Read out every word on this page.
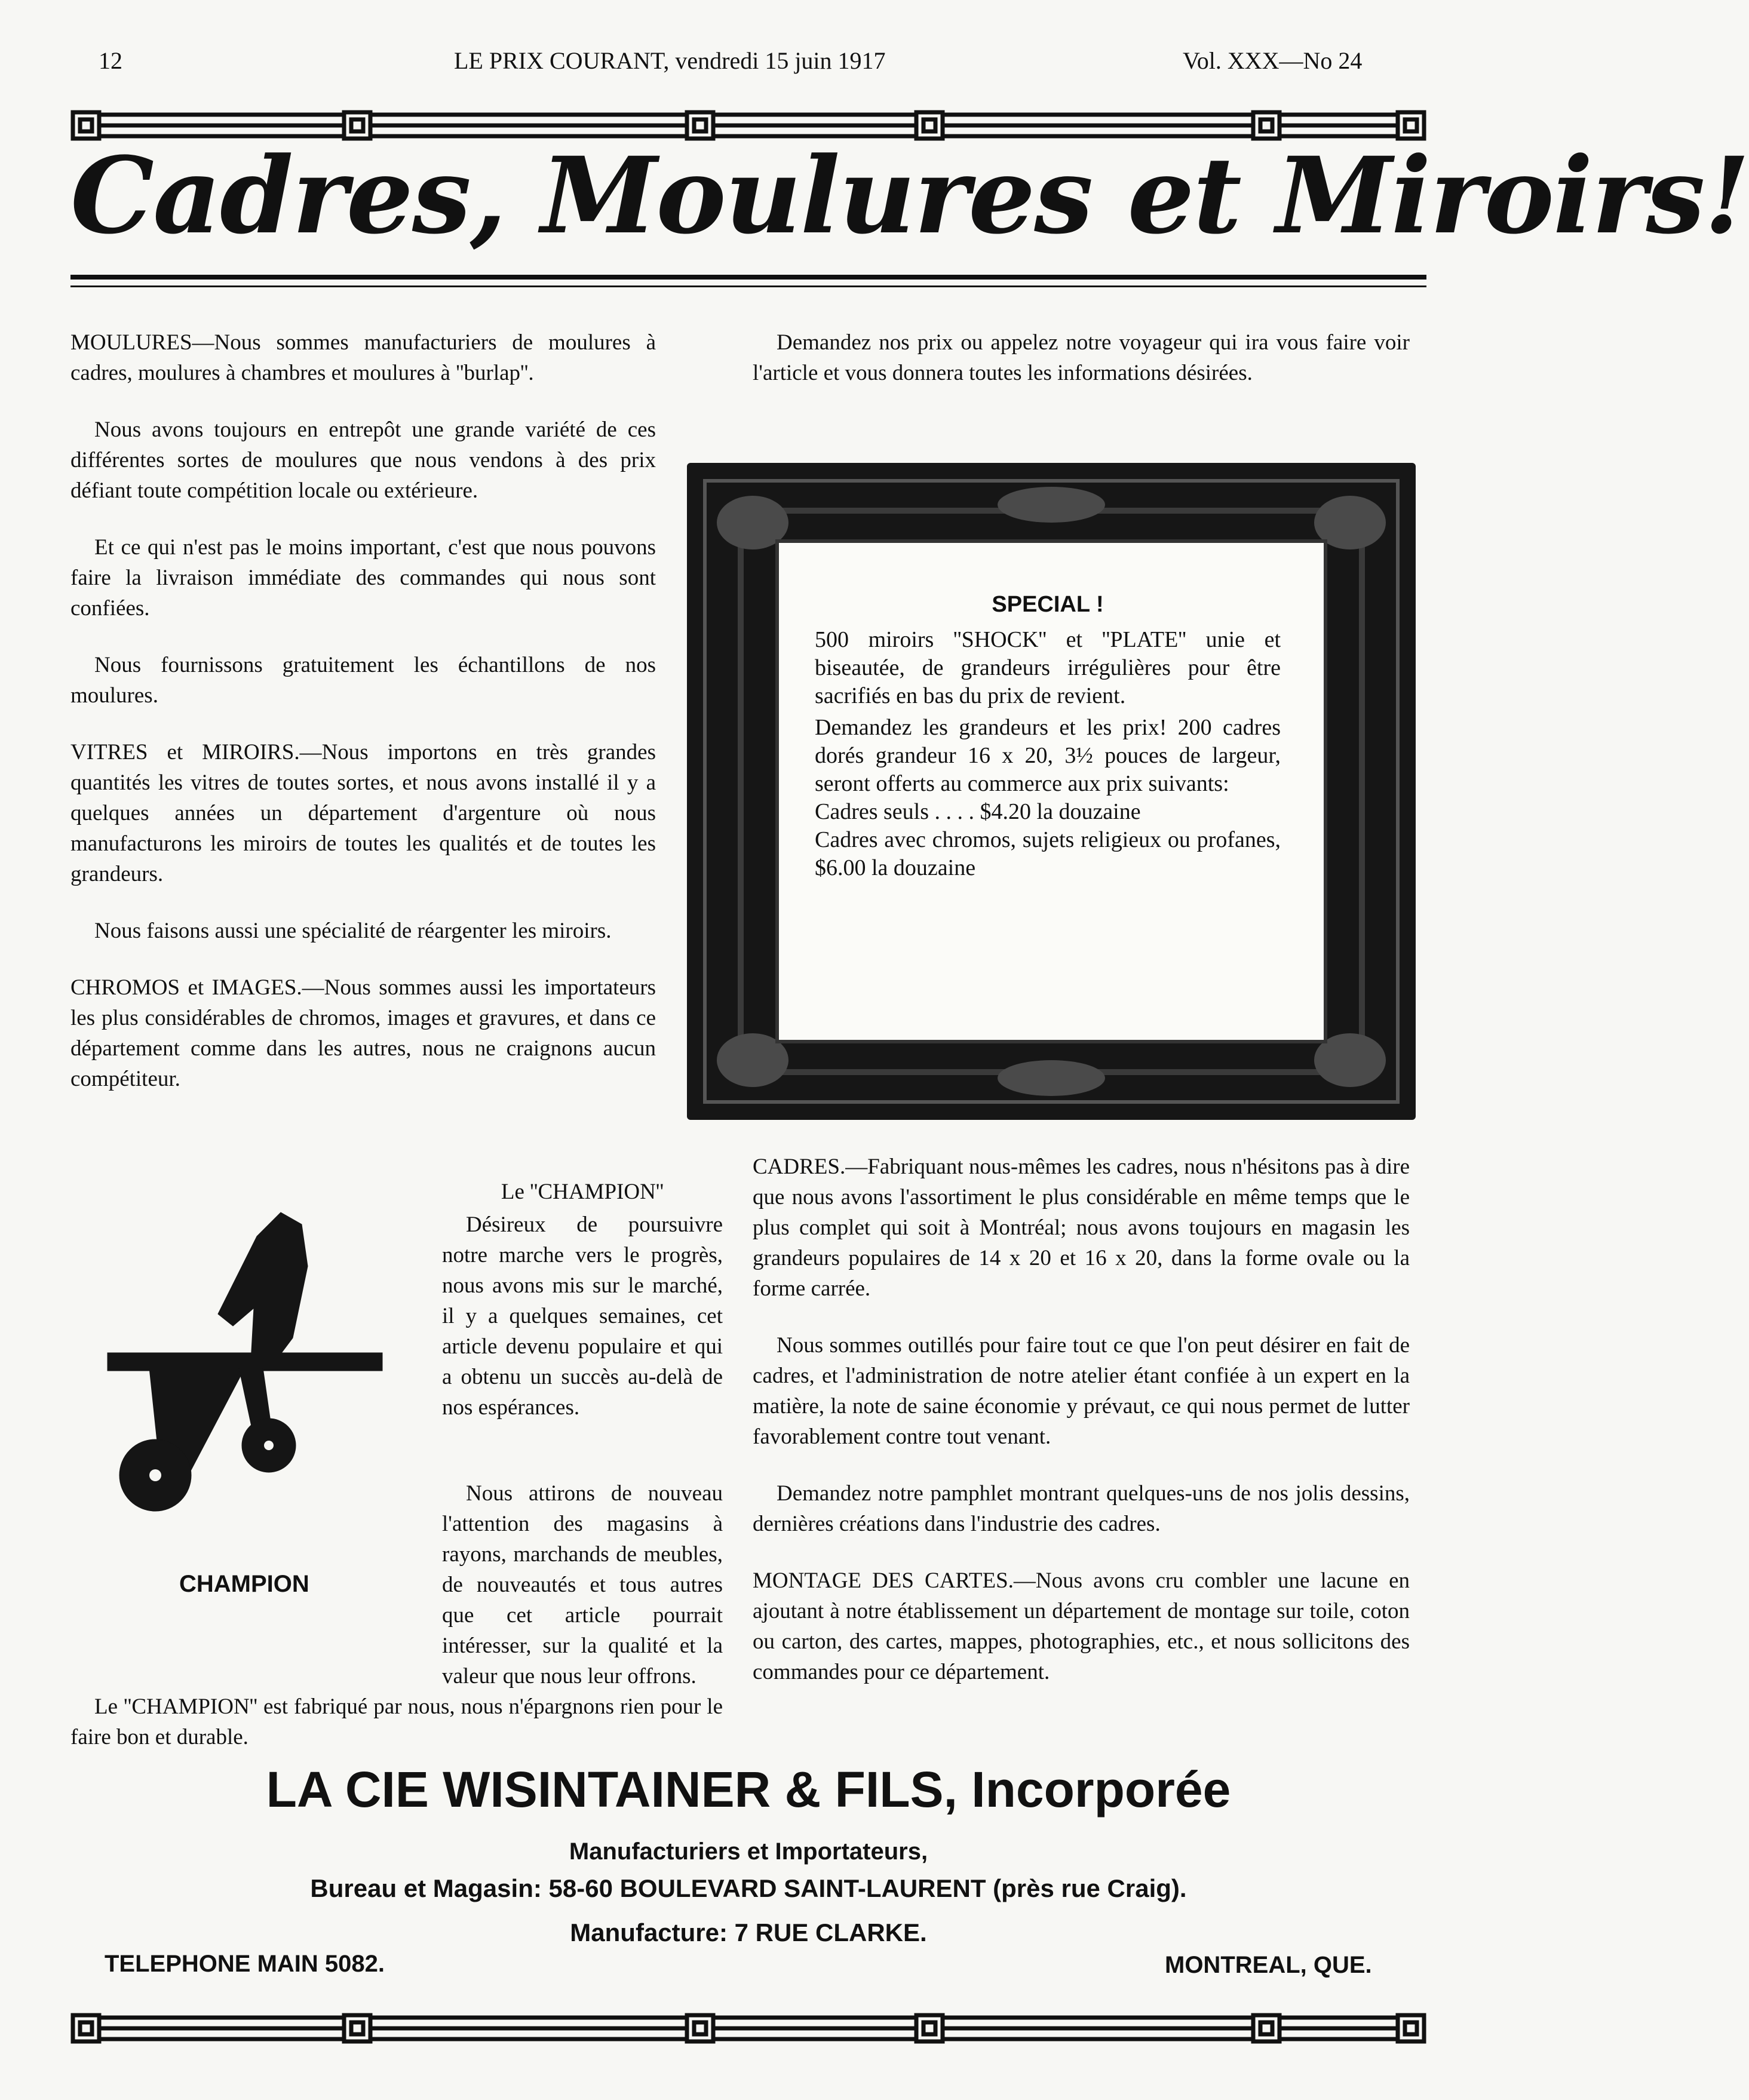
12	LE PRIX COURANT, vendredi 15 juin 1917	Vol. XXX—No 24
Cadres, Moulures et Miroirs!

MOULURES—Nous sommes manufacturiers de moulures à cadres, moulures à chambres et moulures à ''burlap''.

Nous avons toujours en entrepôt une grande variété de ces différentes sortes de moulures que nous vendons à des prix défiant toute compétition locale ou extérieure.

Et ce qui n'est pas le moins important, c'est que nous pouvons faire la livraison immédiate des commandes qui nous sont confiées.

Nous fournissons gratuitement les échantillons de nos moulures.

VITRES et MIROIRS.—Nous importons en très grandes quantités les vitres de toutes sortes, et nous avons installé il y a quelques années un département d'argenture où nous manufacturons les miroirs de toutes les qualités et de toutes les grandeurs.

Nous faisons aussi une spécialité de réargenter les miroirs.

CHROMOS et IMAGES.—Nous sommes aussi les importateurs les plus considérables de chromos, images et gravures, et dans ce département comme dans les autres, nous ne craignons aucun compétiteur.

Demandez nos prix ou appelez notre voyageur qui ira vous faire voir l'article et vous donnera toutes les informations désirées.

SPECIAL !

500 miroirs ''SHOCK'' et ''PLATE'' unie et biseautée, de grandeurs irrégulières pour être sacrifiés en bas du prix de revient.

Demandez les grandeurs et les prix! 200 cadres dorés grandeur 16 x 20, 3½ pouces de largeur, seront offerts au commerce aux prix suivants:

Cadres seuls . . . . $4.20 la douzaine

Cadres avec chromos, sujets religieux ou profanes, $6.00 la douzaine

CHAMPION
Le ''CHAMPION''

Désireux de poursuivre notre marche vers le progrès, nous avons mis sur le marché, il y a quelques semaines, cet article devenu populaire et qui a obtenu un succès au-delà de nos espérances.

Nous attirons de nouveau l'attention des magasins à rayons, marchands de meubles, de nouveautés et tous autres que cet article pourrait intéresser, sur la qualité et la valeur que nous leur offrons.

Le ''CHAMPION'' est fabriqué par nous, nous n'épargnons rien pour le faire bon et durable.

CADRES.—Fabriquant nous-mêmes les cadres, nous n'hésitons pas à dire que nous avons l'assortiment le plus considérable en même temps que le plus complet qui soit à Montréal; nous avons toujours en magasin les grandeurs populaires de 14 x 20 et 16 x 20, dans la forme ovale ou la forme carrée.

Nous sommes outillés pour faire tout ce que l'on peut désirer en fait de cadres, et l'administration de notre atelier étant confiée à un expert en la matière, la note de saine économie y prévaut, ce qui nous permet de lutter favorablement contre tout venant.

Demandez notre pamphlet montrant quelques-uns de nos jolis dessins, dernières créations dans l'industrie des cadres.

MONTAGE DES CARTES.—Nous avons cru combler une lacune en ajoutant à notre établissement un département de montage sur toile, coton ou carton, des cartes, mappes, photographies, etc., et nous sollicitons des commandes pour ce département.

LA CIE WISINTAINER & FILS, Incorporée
Manufacturiers et Importateurs,
Bureau et Magasin: 58-60 BOULEVARD SAINT-LAURENT (près rue Craig).
Manufacture: 7 RUE CLARKE.
TELEPHONE MAIN 5082.	MONTREAL, QUE.
